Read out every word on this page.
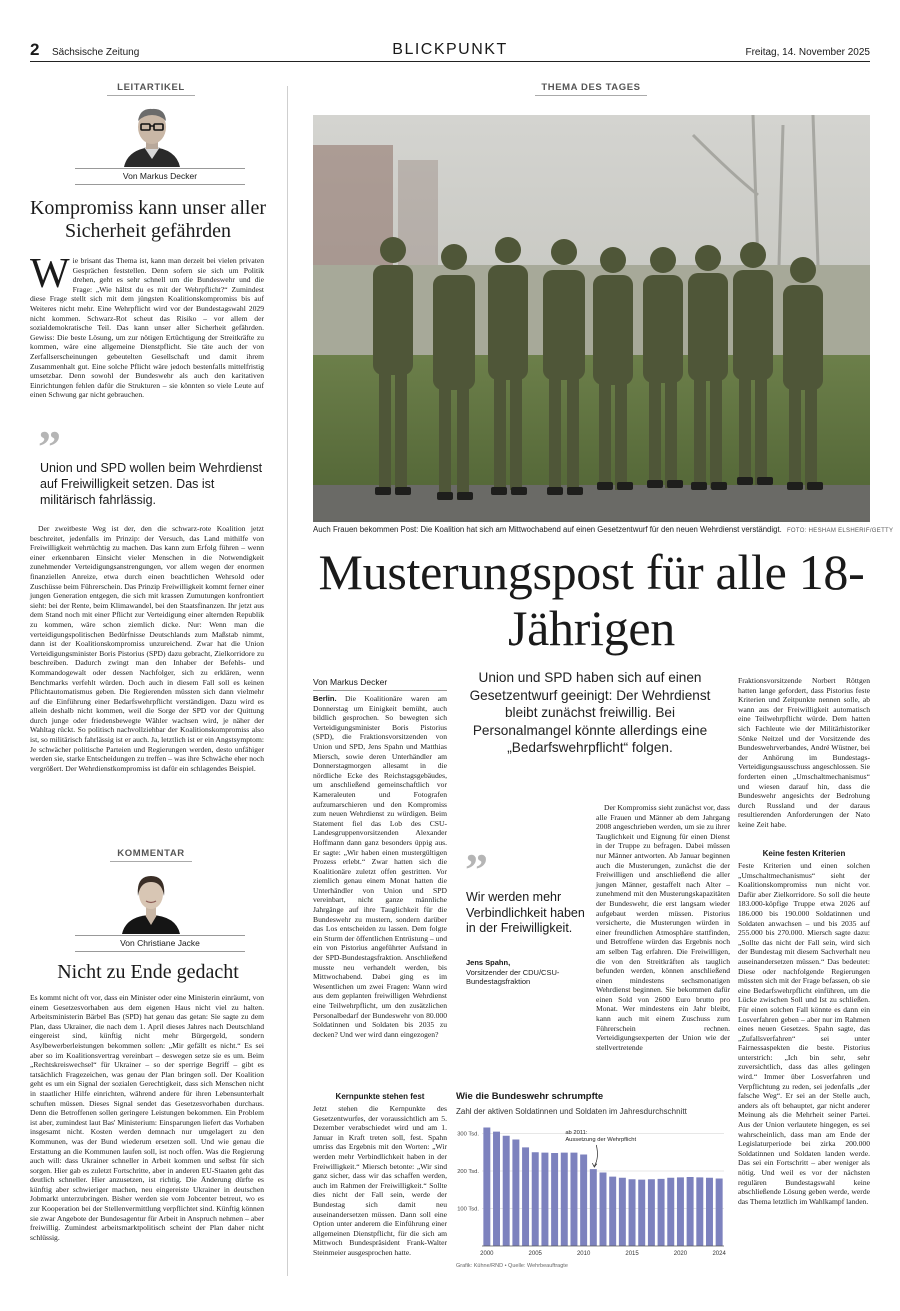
2 Sächsische Zeitung	BLICKPUNKT	Freitag, 14. November 2025
LEITARTIKEL
Von Markus Decker
Kompromiss kann unser aller Sicherheit gefährden
Wie brisant das Thema ist, kann man derzeit bei vielen privaten Gesprächen feststellen. Denn sofern sie sich um Politik drehen, geht es sehr schnell um die Bundeswehr und die Frage: „Wie hältst du es mit der Wehrpflicht?“ Zumindest diese Frage stellt sich mit dem jüngsten Koalitionskompromiss bis auf Weiteres nicht mehr. Eine Wehrpflicht wird vor der Bundestagswahl 2029 nicht kommen. Schwarz-Rot scheut das Risiko – vor allem der sozialdemokratische Teil. Das kann unser aller Sicherheit gefährden. Gewiss: Die beste Lösung, um zur nötigen Ertüchtigung der Streitkräfte zu kommen, wäre eine allgemeine Dienstpflicht. Sie täte auch der von Zerfallserscheinungen gebeutelten Gesellschaft und damit ihrem Zusammenhalt gut. Eine solche Pflicht wäre jedoch bestenfalls mittelfristig umsetzbar. Denn sowohl der Bundeswehr als auch den karitativen Einrichtungen fehlen dafür die Strukturen – sie könnten so viele Leute auf einen Schwung gar nicht gebrauchen.
”
Union und SPD wollen beim Wehrdienst auf Freiwilligkeit setzen. Das ist militärisch fahrlässig.
Der zweitbeste Weg ist der, den die schwarz-rote Koalition jetzt beschreitet, jedenfalls im Prinzip: der Versuch, das Land mithilfe von Freiwilligkeit wehrtüchtig zu machen. Das kann zum Erfolg führen – wenn einer erkennbaren Einsicht vieler Menschen in die Notwendigkeit zunehmender Verteidigungsanstrengungen, vor allem wegen der enormen finanziellen Anreize, etwa durch einen beachtlichen Wehrsold oder Zuschüsse beim Führerschein. Das Prinzip Freiwilligkeit kommt ferner einer jungen Generation entgegen, die sich mit krassen Zumutungen konfrontiert sieht: bei der Rente, beim Klimawandel, bei den Staatsfinanzen. Ihr jetzt aus dem Stand noch mit einer Pflicht zur Verteidigung einer alternden Republik zu kommen, wäre schon ziemlich dicke. Nur: Wenn man die verteidigungspolitischen Bedürfnisse Deutschlands zum Maßstab nimmt, dann ist der Koalitionskompromiss unzureichend. Zwar hat die Union Verteidigungsminister Boris Pistorius (SPD) dazu gebracht, Zielkorridore zu beschreiben. Dadurch zwingt man den Inhaber der Befehls- und Kommandogewalt oder dessen Nachfolger, sich zu erklären, wenn Benchmarks verfehlt würden. Doch auch in diesem Fall soll es keinen Pflichtautomatismus geben. Die Regierenden müssten sich dann vielmehr auf die Einführung einer Bedarfswehrpflicht verständigen. Dazu wird es allein deshalb nicht kommen, weil die Sorge der SPD vor der Quittung durch junge oder friedensbewegte Wähler wachsen wird, je näher der Wahltag rückt. So politisch nachvollziehbar der Koalitionskompromiss also ist, so militärisch fahrlässig ist er auch. Ja, letztlich ist er ein Angstsymptom: Je schwächer politische Parteien und Regierungen werden, desto unfähiger werden sie, starke Entscheidungen zu treffen – was ihre Schwäche eher noch vergrößert. Der Wehrdienstkompromiss ist dafür ein schlagendes Beispiel.
KOMMENTAR
Von Christiane Jacke
Nicht zu Ende gedacht
Es kommt nicht oft vor, dass ein Minister oder eine Ministerin einräumt, von einem Gesetzesvorhaben aus dem eigenen Haus nicht viel zu halten. Arbeitsministerin Bärbel Bas (SPD) hat genau das getan: Sie sagte zu dem Plan, dass Ukrainer, die nach dem 1. April dieses Jahres nach Deutschland eingereist sind, künftig nicht mehr Bürgergeld, sondern Asylbewerberleistungen bekommen sollen: „Mir gefällt es nicht.“ Es sei aber so im Koalitionsvertrag vereinbart – deswegen setze sie es um. Beim „Rechtskreiswechsel“ für Ukrainer – so der sperrige Begriff – gibt es tatsächlich Fragezeichen, was genau der Plan bringen soll. Der Koalition geht es um ein Signal der sozialen Gerechtigkeit, dass sich Menschen nicht in staatlicher Hilfe einrichten, während andere für ihren Lebensunterhalt schuften müssen. Dieses Signal sendet das Gesetzesvorhaben durchaus. Denn die Betroffenen sollen geringere Leistungen bekommen. Ein Problem ist aber, zumindest laut Bas' Ministerium: Einsparungen liefert das Vorhaben insgesamt nicht. Kosten werden demnach nur umgelagert zu den Kommunen, was der Bund wiederum ersetzen soll. Und wie genau die Erstattung an die Kommunen laufen soll, ist noch offen. Was die Regierung auch will: dass Ukrainer schneller in Arbeit kommen und selbst für sich sorgen. Hier gab es zuletzt Fortschritte, aber in anderen EU-Staaten geht das deutlich schneller. Hier anzusetzen, ist richtig. Die Änderung dürfte es künftig aber schwieriger machen, neu eingereiste Ukrainer in deutschen Jobmarkt unterzubringen. Bisher werden sie vom Jobcenter betreut, wo es zur Kooperation bei der Stellenvermittlung verpflichtet sind. Künftig können sie zwar Angebote der Bundesagentur für Arbeit in Anspruch nehmen – aber freiwillig. Zumindest arbeitsmarktpolitisch scheint der Plan daher nicht schlüssig.
THEMA DES TAGES
Auch Frauen bekommen Post: Die Koalition hat sich am Mittwochabend auf einen Gesetzentwurf für den neuen Wehrdienst verständigt. FOTO: HESHAM ELSHERIF/GETTY
Musterungspost für alle 18-Jährigen
Von Markus Decker
Berlin. Die Koalitionäre waren am Donnerstag um Einigkeit bemüht, auch bildlich gesprochen. So bewegten sich Verteidigungsminister Boris Pistorius (SPD), die Fraktionsvorsitzenden von Union und SPD, Jens Spahn und Matthias Miersch, sowie deren Unterhändler am Donnerstagmorgen allesamt in die nördliche Ecke des Reichstagsgebäudes, um anschließend gemeinschaftlich vor Kameraleuten und Fotografen aufzumarschieren und den Kompromiss zum neuen Wehrdienst zu würdigen. Beim Statement fiel das Lob des CSU-Landesgruppenvorsitzenden Alexander Hoffmann dann ganz besonders üppig aus. Er sagte: „Wir haben einen mustergültigen Prozess erlebt.“ Zwar hatten sich die Koalitionäre zuletzt offen gestritten. Vor ziemlich genau einem Monat hatten die Unterhändler von Union und SPD vereinbart, nicht ganze männliche Jahrgänge auf ihre Tauglichkeit für die Bundeswehr zu mustern, sondern darüber das Los entscheiden zu lassen. Dem folgte ein Sturm der öffentlichen Entrüstung – und ein von Pistorius angeführter Aufstand in der SPD-Bundestagsfraktion. Anschließend musste neu verhandelt werden, bis Mittwochabend. Dabei ging es im Wesentlichen um zwei Fragen: Wann wird aus dem geplanten freiwilligen Wehrdienst eine Teilwehrpflicht, um den zusätzlichen Personalbedarf der Bundeswehr von 80.000 Soldatinnen und Soldaten bis 2035 zu decken? Und wer wird dann eingezogen?
Kernpunkte stehen fest
Jetzt stehen die Kernpunkte des Gesetzentwurfes, der voraussichtlich am 5. Dezember verabschiedet wird und am 1. Januar in Kraft treten soll, fest. Spahn umriss das Ergebnis mit den Worten: „Wir werden mehr Verbindlichkeit haben in der Freiwilligkeit.“ Miersch betonte: „Wir sind ganz sicher, dass wir das schaffen werden, auch im Rahmen der Freiwilligkeit.“ Sollte dies nicht der Fall sein, werde der Bundestag sich damit neu auseinandersetzen müssen. Dann soll eine Option unter anderem die Einführung einer allgemeinen Dienstpflicht, für die sich am Mittwoch Bundespräsident Frank-Walter Steinmeier ausgesprochen hatte.
Union und SPD haben sich auf einen Gesetzentwurf geeinigt: Der Wehrdienst bleibt zunächst freiwillig. Bei Personalmangel könnte allerdings eine „Bedarfswehrpflicht“ folgen.
”
Wir werden mehr Verbindlichkeit haben in der Freiwilligkeit.
Jens Spahn,
Vorsitzender der CDU/CSU-Bundestagsfraktion
Der Kompromiss sieht zunächst vor, dass alle Frauen und Männer ab dem Jahrgang 2008 angeschrieben werden, um sie zu ihrer Tauglichkeit und Eignung für einen Dienst in der Truppe zu befragen. Dabei müssen nur Männer antworten. Ab Januar beginnen auch die Musterungen, zunächst die der Freiwilligen und anschließend die aller jungen Männer, gestaffelt nach Alter – zunehmend mit den Musterungskapazitäten der Bundeswehr, die erst langsam wieder aufgebaut werden müssen. Pistorius versicherte, die Musterungen würden in einer freundlichen Atmosphäre stattfinden, und Betroffene würden das Ergebnis noch am selben Tag erfahren. Die Freiwilligen, die von den Streitkräften als tauglich befunden werden, können anschließend einen mindestens sechsmonatigen Wehrdienst beginnen. Sie bekommen dafür einen Sold von 2600 Euro brutto pro Monat. Wer mindestens ein Jahr bleibt, kann auch mit einem Zuschuss zum Führerschein rechnen. Verteidigungsexperten der Union wie der stellvertretende
Fraktionsvorsitzende Norbert Röttgen hatten lange gefordert, dass Pistorius feste Kriterien und Zeitpunkte nennen solle, ab wann aus der Freiwilligkeit automatisch eine Teilwehrpflicht würde. Dem hatten sich Fachleute wie der Militärhistoriker Sönke Neitzel und der Vorsitzende des Bundeswehrverbandes, André Wüstner, bei der Anhörung im Bundestags-Verteidigungsausschuss angeschlossen. Sie forderten einen „Umschaltmechanismus“ und wiesen darauf hin, dass die Bundeswehr angesichts der Bedrohung durch Russland und der daraus resultierenden Anforderungen der Nato keine Zeit habe.
Keine festen Kriterien
Feste Kriterien und einen solchen „Umschaltmechanismus“ sieht der Koalitionskompromiss nun nicht vor. Dafür aber Zielkorridore. So soll die heute 183.000-köpfige Truppe etwa 2026 auf 186.000 bis 190.000 Soldatinnen und Soldaten anwachsen – und bis 2035 auf 255.000 bis 270.000. Miersch sagte dazu: „Sollte das nicht der Fall sein, wird sich der Bundestag mit diesem Sachverhalt neu auseinandersetzen müssen.“ Das bedeutet: Diese oder nachfolgende Regierungen müssten sich mit der Frage befassen, ob sie eine Bedarfswehrpflicht einführen, um die Lücke zwischen Soll und Ist zu schließen. Für einen solchen Fall könnte es dann ein Losverfahren geben – aber nur im Rahmen eines neuen Gesetzes. Spahn sagte, das „Zufallsverfahren“ sei unter Fairnessaspekten die beste. Pistorius unterstrich: „Ich bin sehr, sehr zuversichtlich, dass das alles gelingen wird.“ Immer über Losverfahren und Verpflichtung zu reden, sei jedenfalls „der falsche Weg“. Er sei an der Stelle auch, anders als oft behauptet, gar nicht anderer Meinung als die Mehrheit seiner Partei. Aus der Union verlautete hingegen, es sei wahrscheinlich, dass man am Ende der Legislaturperiode bei zirka 200.000 Soldatinnen und Soldaten landen werde. Das sei ein Fortschritt – aber weniger als nötig. Und weil es vor der nächsten regulären Bundestagswahl keine abschließende Lösung geben werde, werde das Thema letztlich im Wahlkampf landen.
Wie die Bundeswehr schrumpfte
Zahl der aktiven Soldatinnen und Soldaten im Jahresdurchschnitt
100 Tsd.
200 Tsd.
300 Tsd.
2000	2005	2010	2015	2020	2024
ab 2011:
Aussetzung der Wehrpflicht
Grafik: Kühne/RND • Quelle: Wehrbeauftragte
